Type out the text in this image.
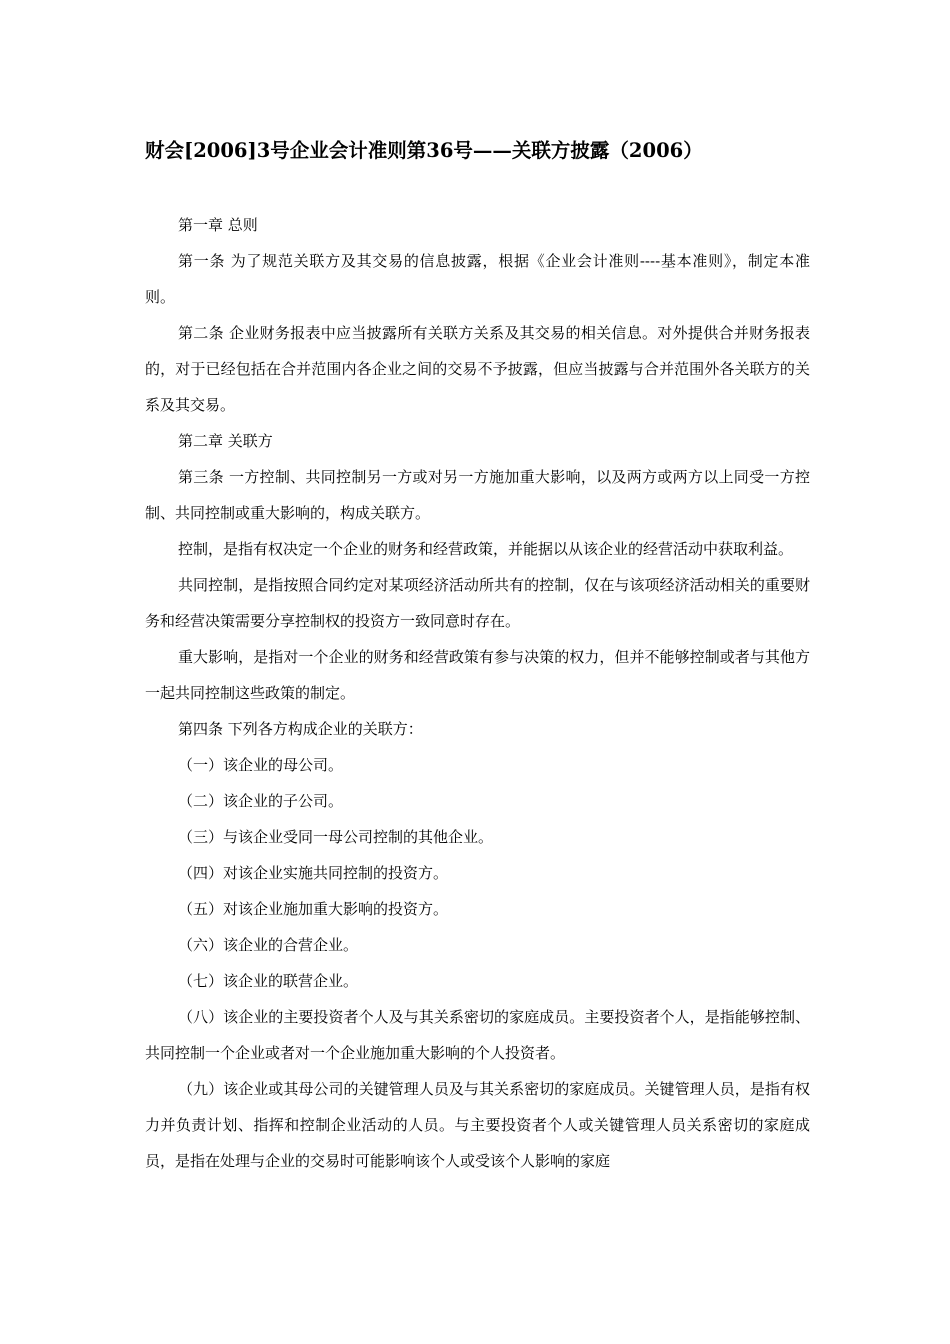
财会[2006]3号企业会计准则第36号——关联方披露（2006）

第一章 总则

第一条 为了规范关联方及其交易的信息披露，根据《企业会计准则----基本准则》，制定本准则。

第二条 企业财务报表中应当披露所有关联方关系及其交易的相关信息。对外提供合并财务报表的，对于已经包括在合并范围内各企业之间的交易不予披露，但应当披露与合并范围外各关联方的关系及其交易。

第二章 关联方

第三条 一方控制、共同控制另一方或对另一方施加重大影响，以及两方或两方以上同受一方控制、共同控制或重大影响的，构成关联方。

控制，是指有权决定一个企业的财务和经营政策，并能据以从该企业的经营活动中获取利益。

共同控制，是指按照合同约定对某项经济活动所共有的控制，仅在与该项经济活动相关的重要财务和经营决策需要分享控制权的投资方一致同意时存在。

重大影响，是指对一个企业的财务和经营政策有参与决策的权力，但并不能够控制或者与其他方一起共同控制这些政策的制定。

第四条 下列各方构成企业的关联方：

（一）该企业的母公司。

（二）该企业的子公司。

（三）与该企业受同一母公司控制的其他企业。

（四）对该企业实施共同控制的投资方。

（五）对该企业施加重大影响的投资方。

（六）该企业的合营企业。

（七）该企业的联营企业。

（八）该企业的主要投资者个人及与其关系密切的家庭成员。主要投资者个人，是指能够控制、共同控制一个企业或者对一个企业施加重大影响的个人投资者。

（九）该企业或其母公司的关键管理人员及与其关系密切的家庭成员。关键管理人员，是指有权力并负责计划、指挥和控制企业活动的人员。与主要投资者个人或关键管理人员关系密切的家庭成员，是指在处理与企业的交易时可能影响该个人或受该个人影响的家庭
